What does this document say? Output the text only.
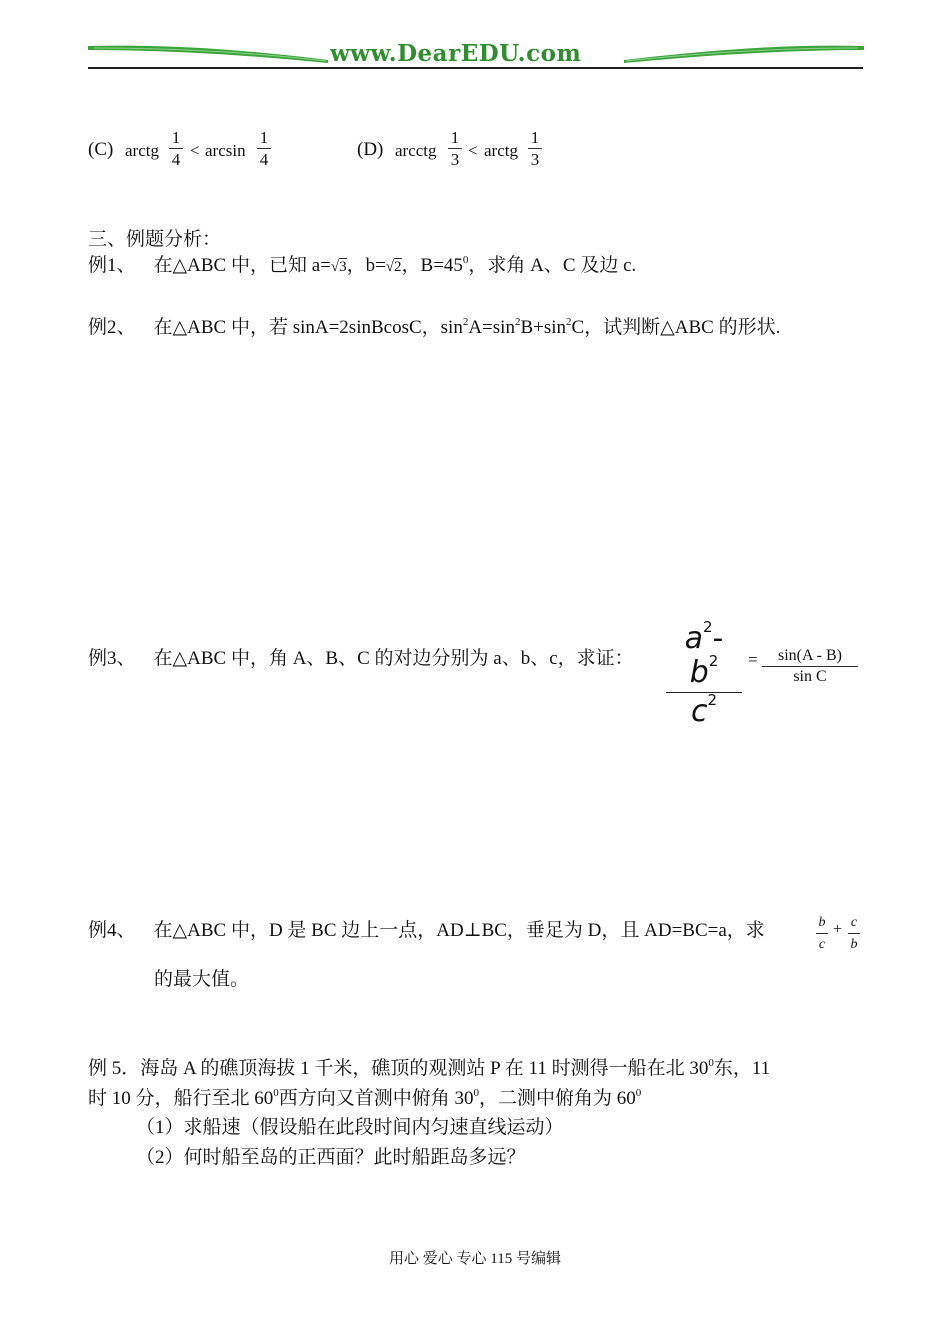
www.DearEDU.com
(C) arctg
1
4 < arcsin
1
4	(D) arcctg
1
3 < arctg
1
3
三、例题分析：
例1、 在△ABC 中，已知 a=√3，b=√2，$B=45^0$，求角 A、C 及边 c.
例2、 在△ABC 中，若 sinA=2sinBcosC，$\sin^2A=\sin^2B+\sin^2C$，试判断△ABC 的形状.
例3、 在△ABC 中，角 A、B、C 的对边分别为 a、b、c，求证：
$a^2-$ $b^2$
$c^2$
=	sin(A - B)
sin C
例4、 在△ABC 中，D 是 BC 边上一点，AD⊥BC，垂足为 D，且 AD=BC=a，求	b
c
+ c
b
的最大值。
例 5．海岛 A 的礁顶海拔 1 千米，礁顶的观测站 P 在 11 时测得一船在北 $30^0$东，11
时 10 分，船行至北 $60^0$西方向又首测中俯角 $30^0$，二测中俯角为 $60^0$
（1）求船速（假设船在此段时间内匀速直线运动）
（2）何时船至岛的正西面？此时船距岛多远？
用心 爱心 专心 115 号编辑
